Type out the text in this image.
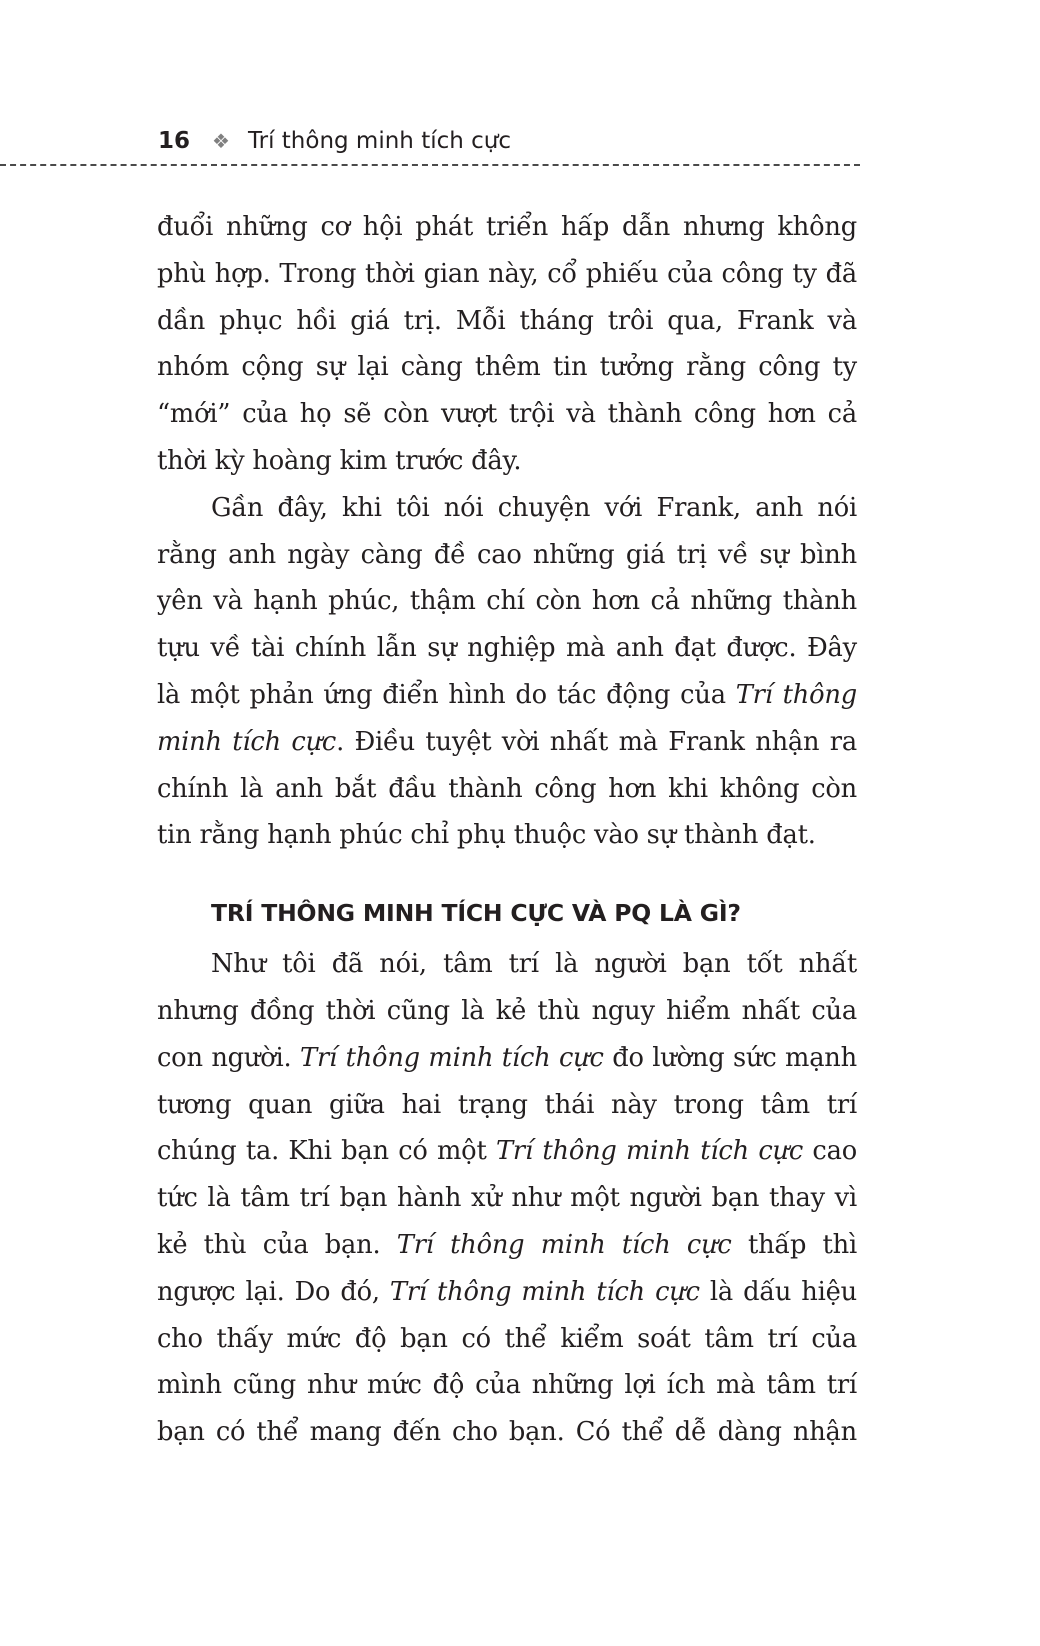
16 ❖ Trí thông minh tích cực

đuổi những cơ hội phát triển hấp dẫn nhưng không phù hợp. Trong thời gian này, cổ phiếu của công ty đã dần phục hồi giá trị. Mỗi tháng trôi qua, Frank và nhóm cộng sự lại càng thêm tin tưởng rằng công ty “mới” của họ sẽ còn vượt trội và thành công hơn cả thời kỳ hoàng kim trước đây.

Gần đây, khi tôi nói chuyện với Frank, anh nói rằng anh ngày càng đề cao những giá trị về sự bình yên và hạnh phúc, thậm chí còn hơn cả những thành tựu về tài chính lẫn sự nghiệp mà anh đạt được. Đây là một phản ứng điển hình do tác động của Trí thông minh tích cực. Điều tuyệt vời nhất mà Frank nhận ra chính là anh bắt đầu thành công hơn khi không còn tin rằng hạnh phúc chỉ phụ thuộc vào sự thành đạt.

TRÍ THÔNG MINH TÍCH CỰC VÀ PQ LÀ GÌ?

Như tôi đã nói, tâm trí là người bạn tốt nhất nhưng đồng thời cũng là kẻ thù nguy hiểm nhất của con người. Trí thông minh tích cực đo lường sức mạnh tương quan giữa hai trạng thái này trong tâm trí chúng ta. Khi bạn có một Trí thông minh tích cực cao tức là tâm trí bạn hành xử như một người bạn thay vì kẻ thù của bạn. Trí thông minh tích cực thấp thì ngược lại. Do đó, Trí thông minh tích cực là dấu hiệu cho thấy mức độ bạn có thể kiểm soát tâm trí của mình cũng như mức độ của những lợi ích mà tâm trí bạn có thể mang đến cho bạn. Có thể dễ dàng nhận
